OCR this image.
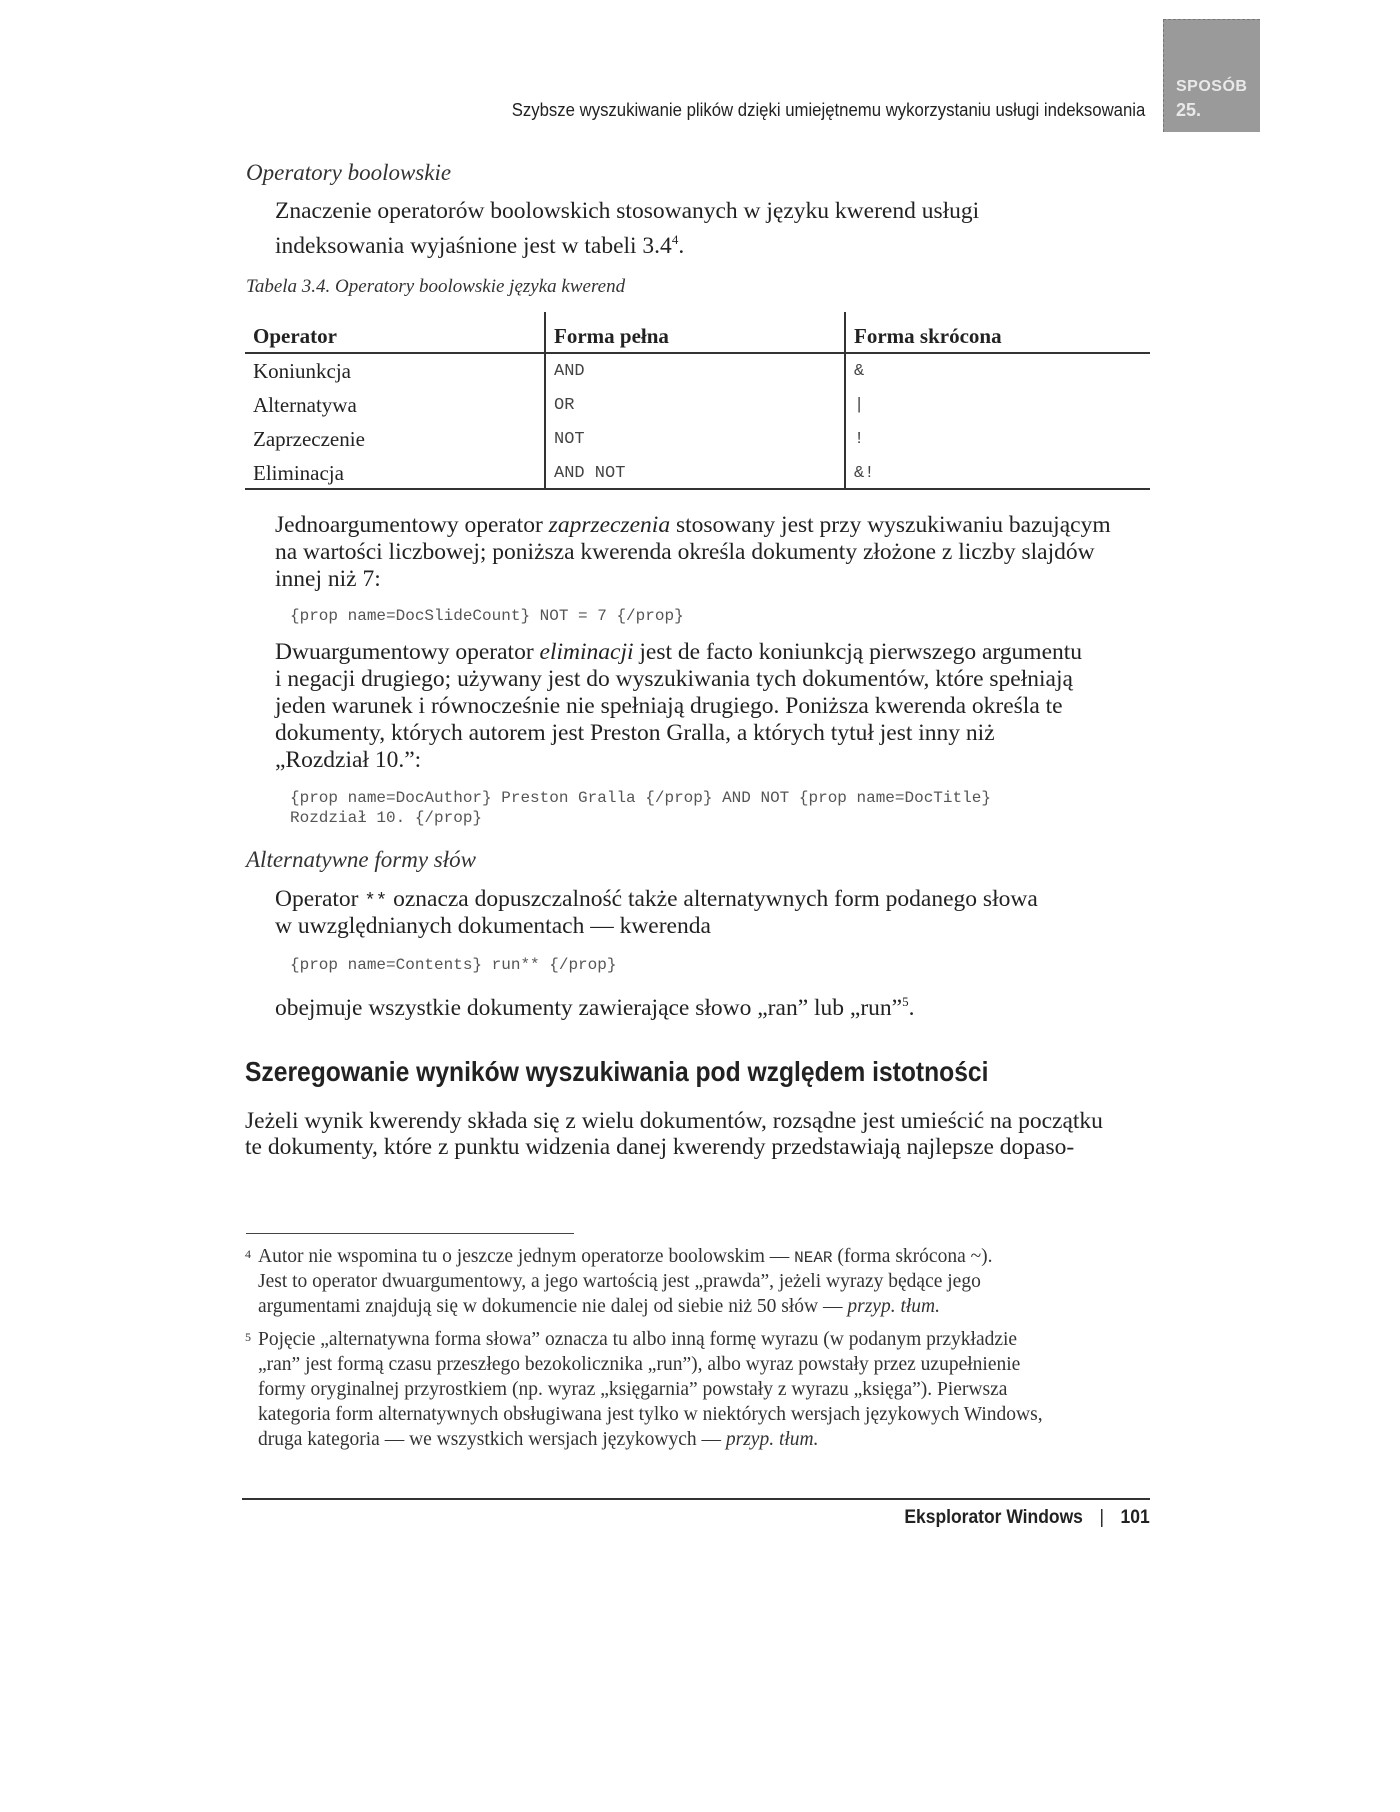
Szybsze wyszukiwanie plików dzięki umiejętnemu wykorzystaniu usługi indeksowania
SPOSÓB
25.
Operatory boolowskie
Znaczenie operatorów boolowskich stosowanych w języku kwerend usługi
indeksowania wyjaśnione jest w tabeli $3.4^4$.
Tabela 3.4. Operatory boolowskie języka kwerend
Operator	Forma pełna	Forma skrócona
Koniunkcja	AND	&
Alternatywa	OR	|
Zaprzeczenie	NOT	!
Eliminacja	AND NOT	&!
Jednoargumentowy operator zaprzeczenia stosowany jest przy wyszukiwaniu bazującym
na wartości liczbowej; poniższa kwerenda określa dokumenty złożone z liczby slajdów
innej niż 7:
{prop name=DocSlideCount} NOT = 7 {/prop}
Dwuargumentowy operator eliminacji jest de facto koniunkcją pierwszego argumentu
i negacji drugiego; używany jest do wyszukiwania tych dokumentów, które spełniają
jeden warunek i równocześnie nie spełniają drugiego. Poniższa kwerenda określa te
dokumenty, których autorem jest Preston Gralla, a których tytuł jest inny niż
„Rozdział 10.”:
{prop name=DocAuthor} Preston Gralla {/prop} AND NOT {prop name=DocTitle}
Rozdział 10. {/prop}
Alternatywne formy słów
Operator ** oznacza dopuszczalność także alternatywnych form podanego słowa
w uwzględnianych dokumentach — kwerenda
{prop name=Contents} run** {/prop}
obejmuje wszystkie dokumenty zawierające słowo „ran” lub „run”$^5$.
Szeregowanie wyników wyszukiwania pod względem istotności
Jeżeli wynik kwerendy składa się z wielu dokumentów, rozsądne jest umieścić na początku
te dokumenty, które z punktu widzenia danej kwerendy przedstawiają najlepsze dopaso-
$^4$ Autor nie wspomina tu o jeszcze jednym operatorze boolowskim — NEAR (forma skrócona ~).
Jest to operator dwuargumentowy, a jego wartością jest „prawda”, jeżeli wyrazy będące jego
argumentami znajdują się w dokumencie nie dalej od siebie niż 50 słów — przyp. tłum.
$^5$ Pojęcie „alternatywna forma słowa” oznacza tu albo inną formę wyrazu (w podanym przykładzie
„ran” jest formą czasu przeszłego bezokolicznika „run”), albo wyraz powstały przez uzupełnienie
formy oryginalnej przyrostkiem (np. wyraz „księgarnia” powstały z wyrazu „księga”). Pierwsza
kategoria form alternatywnych obsługiwana jest tylko w niektórych wersjach językowych Windows,
druga kategoria — we wszystkich wersjach językowych — przyp. tłum.
Eksplorator Windows | 101
